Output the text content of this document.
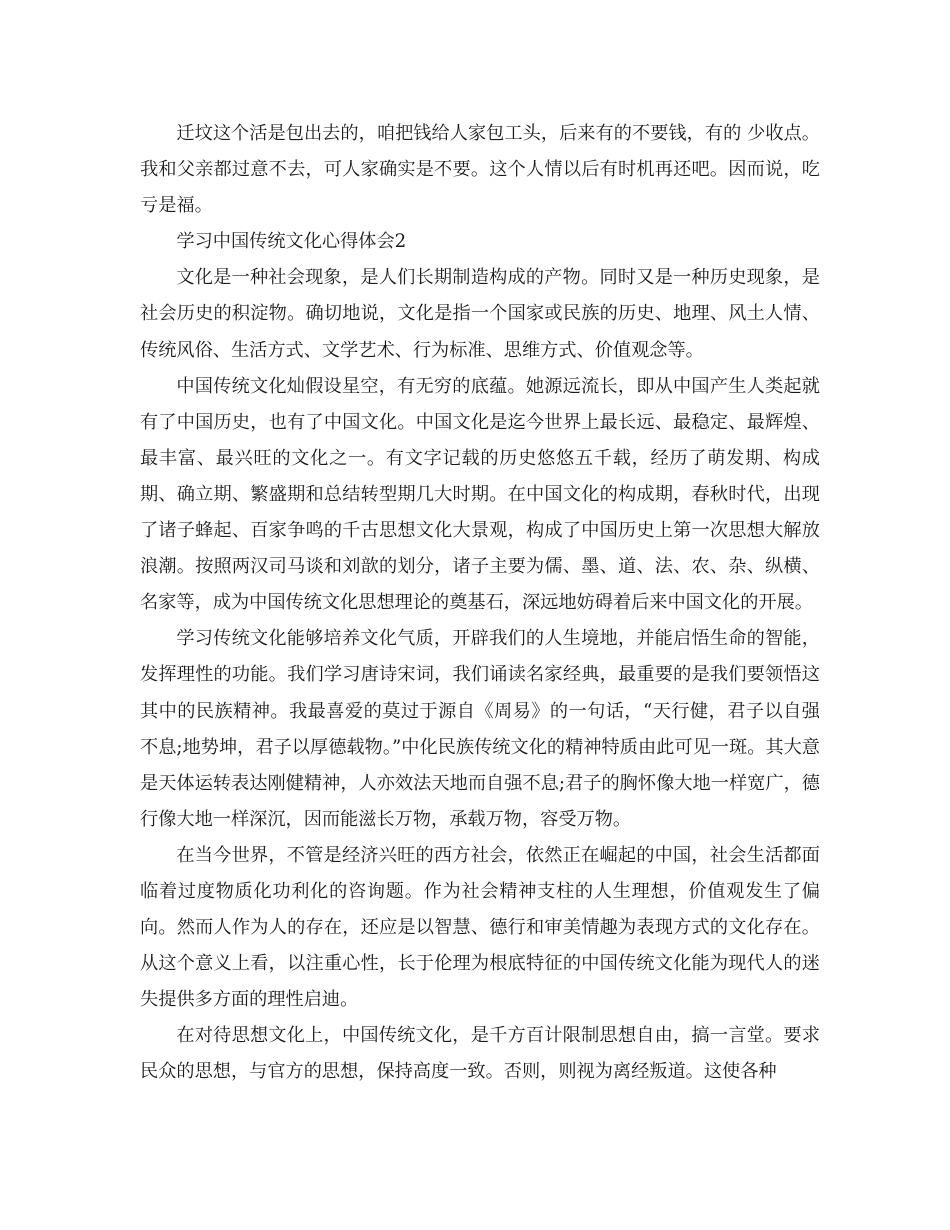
迁坟这个活是包出去的，咱把钱给人家包工头，后来有的不要钱，有的 少收点。我和父亲都过意不去，可人家确实是不要。这个人情以后有时机再还吧。因而说，吃亏是福。

学习中国传统文化心得体会2

文化是一种社会现象，是人们长期制造构成的产物。同时又是一种历史现象，是社会历史的积淀物。确切地说，文化是指一个国家或民族的历史、地理、风土人情、传统风俗、生活方式、文学艺术、行为标准、思维方式、价值观念等。

中国传统文化灿假设星空，有无穷的底蕴。她源远流长，即从中国产生人类起就有了中国历史，也有了中国文化。中国文化是迄今世界上最长远、最稳定、最辉煌、最丰富、最兴旺的文化之一。有文字记载的历史悠悠五千载，经历了萌发期、构成期、确立期、繁盛期和总结转型期几大时期。在中国文化的构成期，春秋时代，出现了诸子蜂起、百家争鸣的千古思想文化大景观，构成了中国历史上第一次思想大解放浪潮。按照两汉司马谈和刘歆的划分，诸子主要为儒、墨、道、法、农、杂、纵横、名家等，成为中国传统文化思想理论的奠基石，深远地妨碍着后来中国文化的开展。

学习传统文化能够培养文化气质，开辟我们的人生境地，并能启悟生命的智能，发挥理性的功能。我们学习唐诗宋词，我们诵读名家经典，最重要的是我们要领悟这其中的民族精神。我最喜爱的莫过于源自《周易》的一句话，“天行健，君子以自强不息;地势坤，君子以厚德载物。”中化民族传统文化的精神特质由此可见一斑。其大意是天体运转表达刚健精神，人亦效法天地而自强不息;君子的胸怀像大地一样宽广，德行像大地一样深沉，因而能滋长万物，承载万物，容受万物。

在当今世界，不管是经济兴旺的西方社会，依然正在崛起的中国，社会生活都面临着过度物质化功利化的咨询题。作为社会精神支柱的人生理想，价值观发生了偏向。然而人作为人的存在，还应是以智慧、德行和审美情趣为表现方式的文化存在。从这个意义上看，以注重心性，长于伦理为根底特征的中国传统文化能为现代人的迷失提供多方面的理性启迪。

在对待思想文化上，中国传统文化，是千方百计限制思想自由，搞一言堂。要求民众的思想，与官方的思想，保持高度一致。否则，则视为离经叛道。这使各种
